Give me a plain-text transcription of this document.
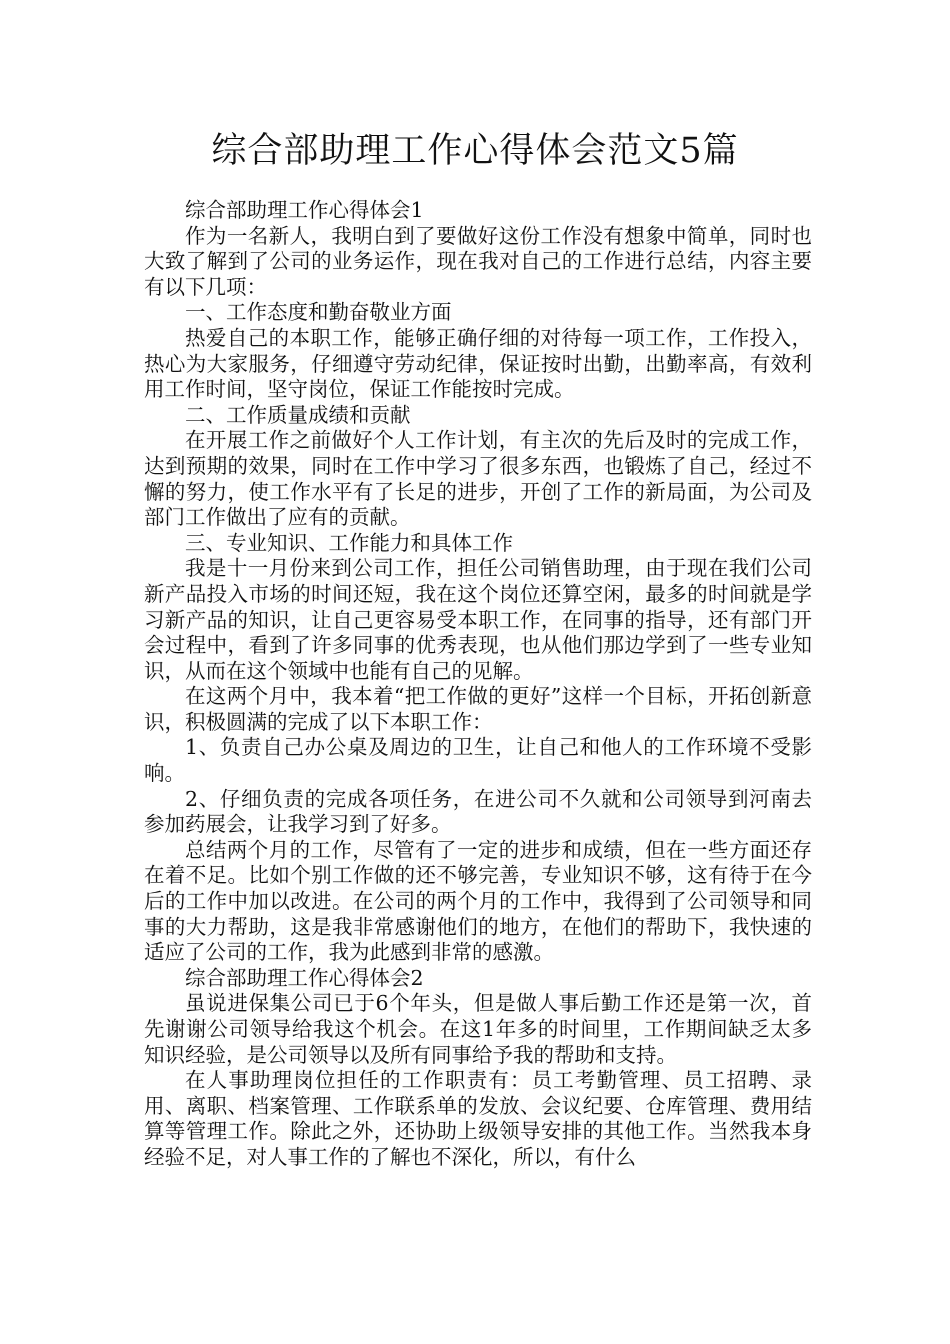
综合部助理工作心得体会范文5篇

综合部助理工作心得体会1

作为一名新人，我明白到了要做好这份工作没有想象中简单，同时也大致了解到了公司的业务运作，现在我对自己的工作进行总结，内容主要有以下几项：

一、工作态度和勤奋敬业方面

热爱自己的本职工作，能够正确仔细的对待每一项工作，工作投入，热心为大家服务，仔细遵守劳动纪律，保证按时出勤，出勤率高，有效利用工作时间，坚守岗位，保证工作能按时完成。

二、工作质量成绩和贡献

在开展工作之前做好个人工作计划，有主次的先后及时的完成工作，达到预期的效果，同时在工作中学习了很多东西，也锻炼了自己，经过不懈的努力，使工作水平有了长足的进步，开创了工作的新局面，为公司及部门工作做出了应有的贡献。

三、专业知识、工作能力和具体工作

我是十一月份来到公司工作，担任公司销售助理，由于现在我们公司新产品投入市场的时间还短，我在这个岗位还算空闲，最多的时间就是学习新产品的知识，让自己更容易受本职工作，在同事的指导，还有部门开会过程中，看到了许多同事的优秀表现，也从他们那边学到了一些专业知识，从而在这个领域中也能有自己的见解。

在这两个月中，我本着“把工作做的更好”这样一个目标，开拓创新意识，积极圆满的完成了以下本职工作：

1、负责自己办公桌及周边的卫生，让自己和他人的工作环境不受影响。

2、仔细负责的完成各项任务，在进公司不久就和公司领导到河南去参加药展会，让我学习到了好多。

总结两个月的工作，尽管有了一定的进步和成绩，但在一些方面还存在着不足。比如个别工作做的还不够完善，专业知识不够，这有待于在今后的工作中加以改进。在公司的两个月的工作中，我得到了公司领导和同事的大力帮助，这是我非常感谢他们的地方，在他们的帮助下，我快速的适应了公司的工作，我为此感到非常的感激。

综合部助理工作心得体会2

虽说进保集公司已于6个年头，但是做人事后勤工作还是第一次，首先谢谢公司领导给我这个机会。在这1年多的时间里，工作期间缺乏太多知识经验，是公司领导以及所有同事给予我的帮助和支持。

在人事助理岗位担任的工作职责有：员工考勤管理、员工招聘、录用、离职、档案管理、工作联系单的发放、会议纪要、仓库管理、费用结算等管理工作。除此之外，还协助上级领导安排的其他工作。当然我本身经验不足，对人事工作的了解也不深化，所以，有什么
